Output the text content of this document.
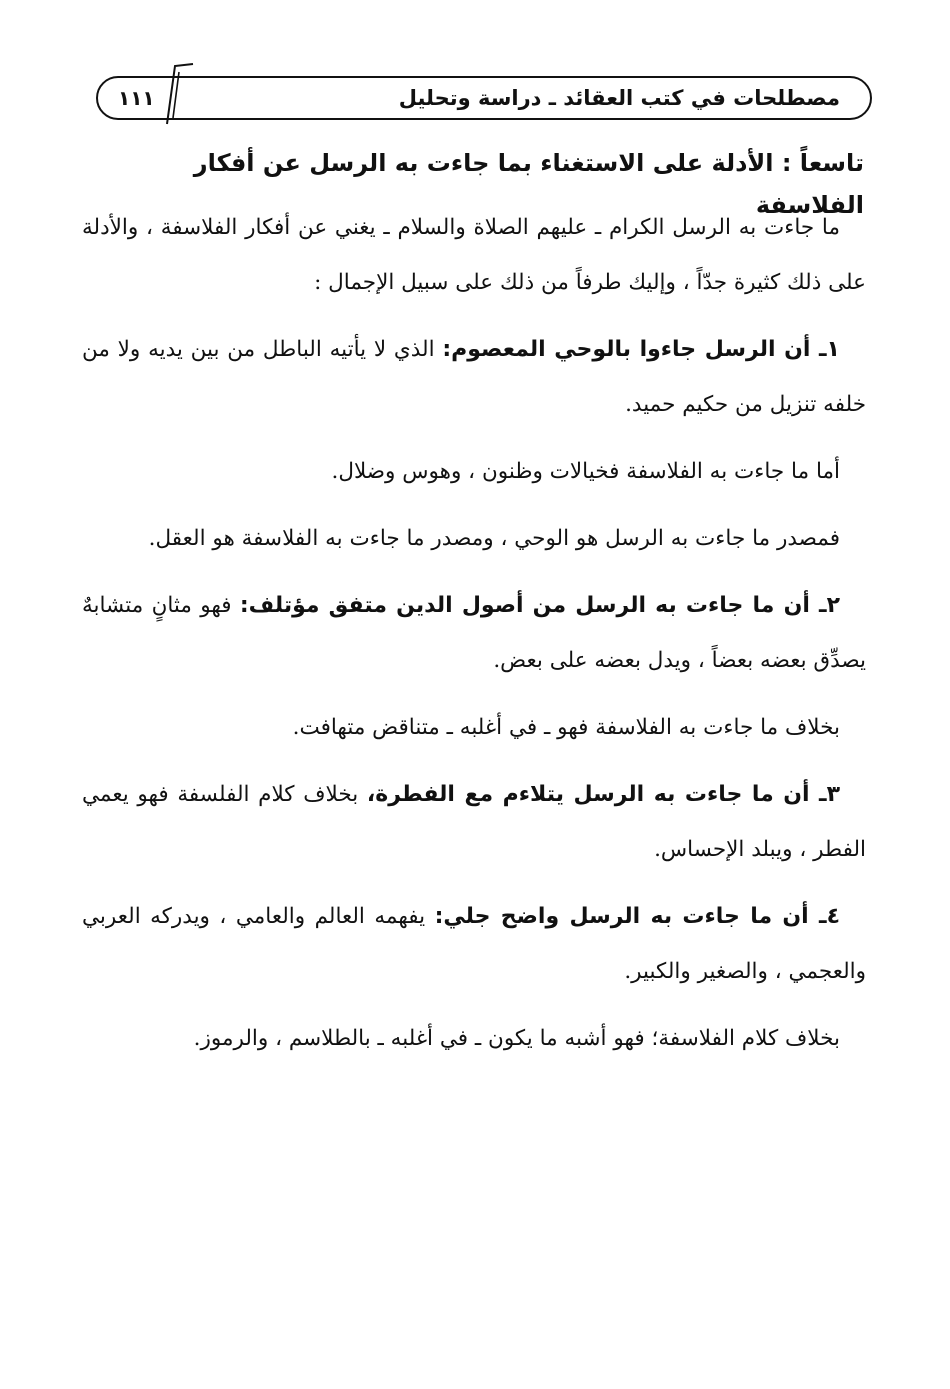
مصطلحات في كتب العقائد ـ دراسة وتحليل
١١١
تاسعاً : الأدلة على الاستغناء بما جاءت به الرسل عن أفكار الفلاسفة

ما جاءت به الرسل الكرام ـ عليهم الصلاة والسلام ـ يغني عن أفكار الفلاسفة ، والأدلة على ذلك كثيرة جدّاً ، وإليك طرفاً من ذلك على سبيل الإجمال :

١ـ أن الرسل جاءوا بالوحي المعصوم: الذي لا يأتيه الباطل من بين يديه ولا من خلفه تنزيل من حكيم حميد.

أما ما جاءت به الفلاسفة فخيالات وظنون ، وهوس وضلال.

فمصدر ما جاءت به الرسل هو الوحي ، ومصدر ما جاءت به الفلاسفة هو العقل.

٢ـ أن ما جاءت به الرسل من أصول الدين متفق مؤتلف: فهو مثانٍ متشابهٌ يصدِّق بعضه بعضاً ، ويدل بعضه على بعض.

بخلاف ما جاءت به الفلاسفة فهو ـ في أغلبه ـ متناقض متهافت.

٣ـ أن ما جاءت به الرسل يتلاءم مع الفطرة، بخلاف كلام الفلسفة فهو يعمي الفطر ، ويبلد الإحساس.

٤ـ أن ما جاءت به الرسل واضح جلي: يفهمه العالم والعامي ، ويدركه العربي والعجمي ، والصغير والكبير.

بخلاف كلام الفلاسفة؛ فهو أشبه ما يكون ـ في أغلبه ـ بالطلاسم ، والرموز.
